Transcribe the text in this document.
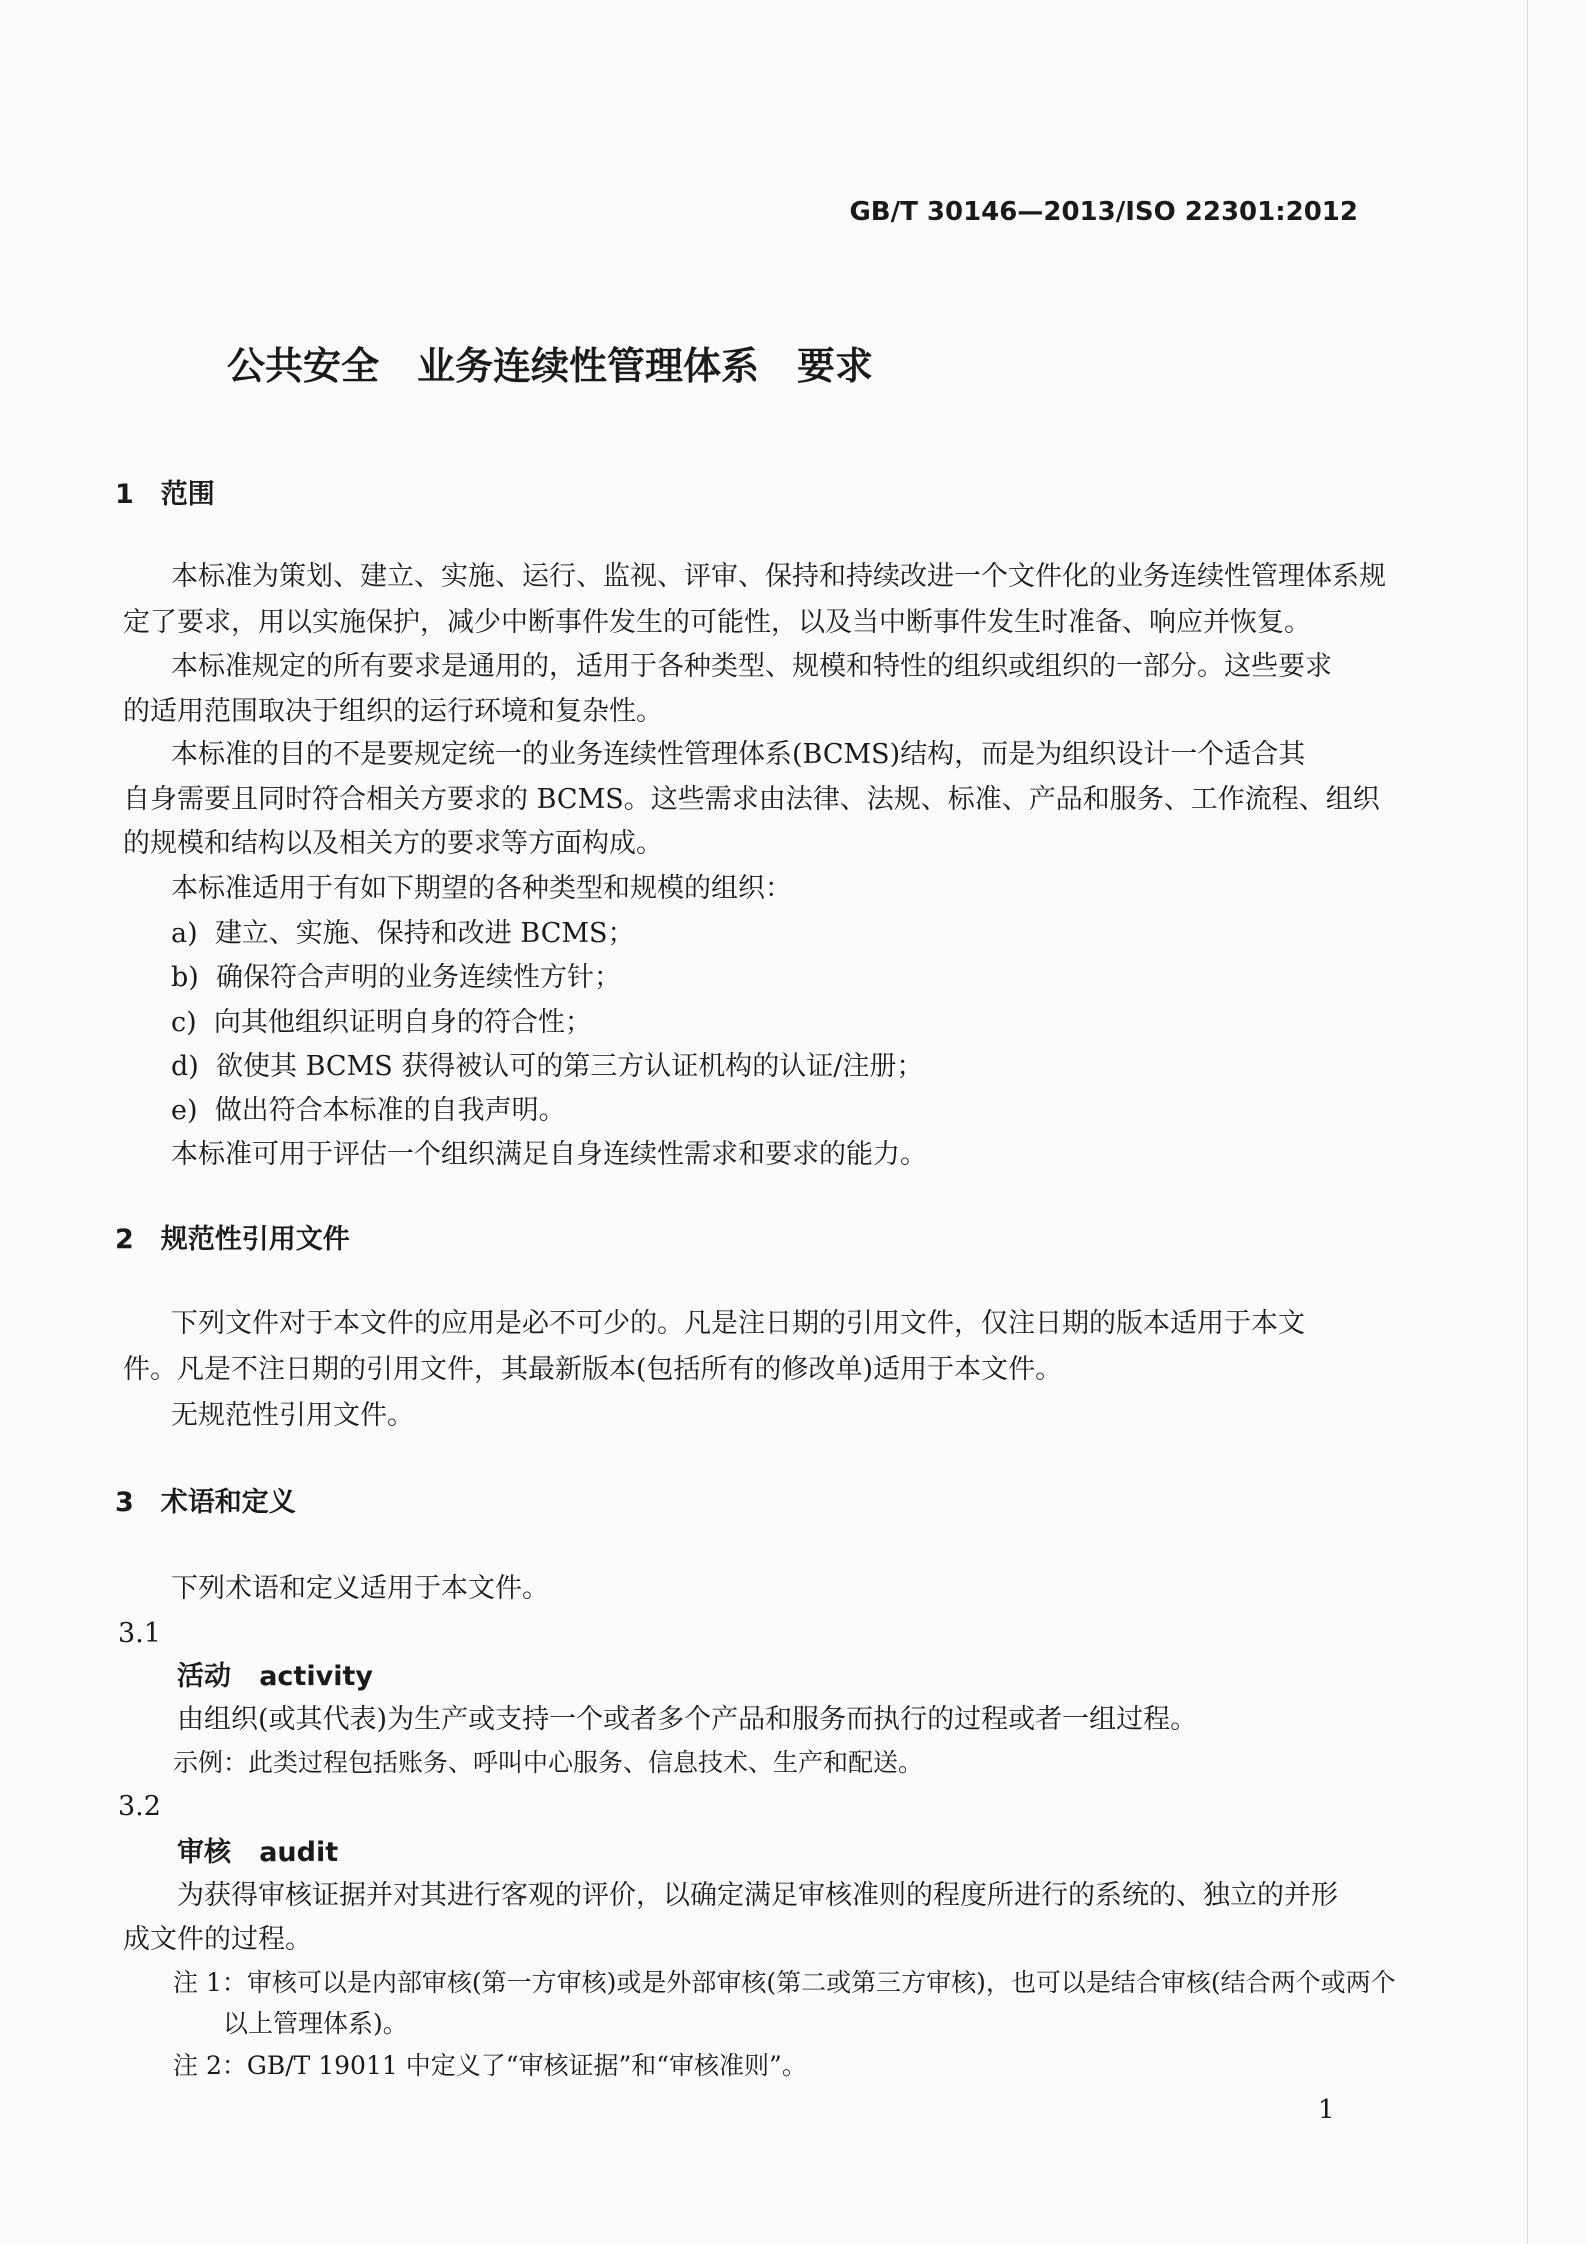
GB/T 30146—2013/ISO 22301:2012
公共安全　业务连续性管理体系　要求
1　范围
本标准为策划、建立、实施、运行、监视、评审、保持和持续改进一个文件化的业务连续性管理体系规
定了要求，用以实施保护，减少中断事件发生的可能性，以及当中断事件发生时准备、响应并恢复。
本标准规定的所有要求是通用的，适用于各种类型、规模和特性的组织或组织的一部分。这些要求
的适用范围取决于组织的运行环境和复杂性。
本标准的目的不是要规定统一的业务连续性管理体系(BCMS)结构，而是为组织设计一个适合其
自身需要且同时符合相关方要求的 BCMS。这些需求由法律、法规、标准、产品和服务、工作流程、组织
的规模和结构以及相关方的要求等方面构成。
本标准适用于有如下期望的各种类型和规模的组织：
a) 建立、实施、保持和改进 BCMS；
b) 确保符合声明的业务连续性方针；
c) 向其他组织证明自身的符合性；
d) 欲使其 BCMS 获得被认可的第三方认证机构的认证/注册；
e) 做出符合本标准的自我声明。
本标准可用于评估一个组织满足自身连续性需求和要求的能力。
2　规范性引用文件
下列文件对于本文件的应用是必不可少的。凡是注日期的引用文件，仅注日期的版本适用于本文
件。凡是不注日期的引用文件，其最新版本(包括所有的修改单)适用于本文件。
无规范性引用文件。
3　术语和定义
下列术语和定义适用于本文件。
3.1
活动 activity
由组织(或其代表)为生产或支持一个或者多个产品和服务而执行的过程或者一组过程。
示例：此类过程包括账务、呼叫中心服务、信息技术、生产和配送。
3.2
审核 audit
为获得审核证据并对其进行客观的评价，以确定满足审核准则的程度所进行的系统的、独立的并形
成文件的过程。
注 1：审核可以是内部审核(第一方审核)或是外部审核(第二或第三方审核)，也可以是结合审核(结合两个或两个
以上管理体系)。
注 2：GB/T 19011 中定义了“审核证据”和“审核准则”。
1
